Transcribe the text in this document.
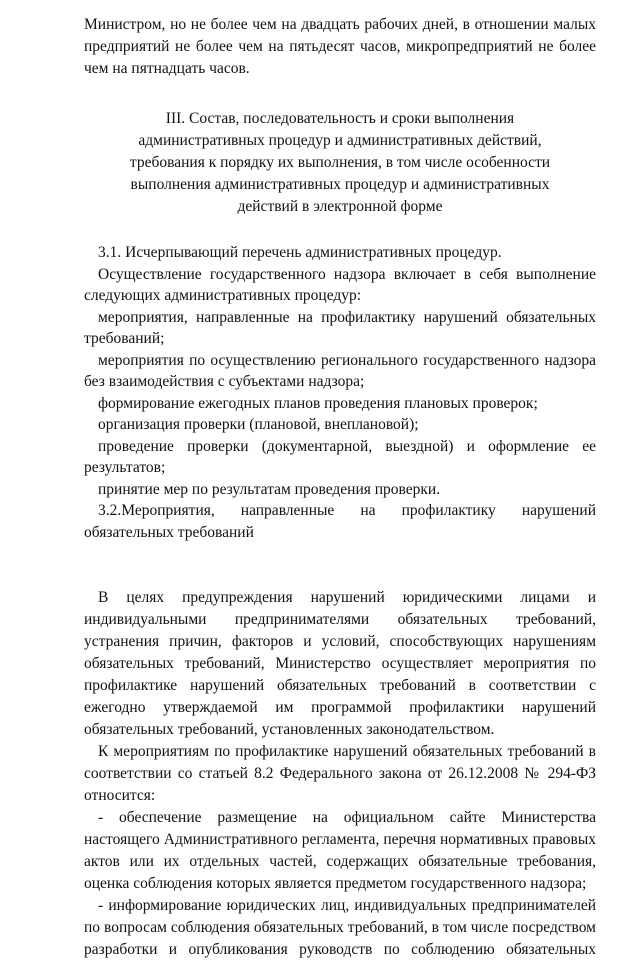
Министром, но не более чем на двадцать рабочих дней, в отношении малых предприятий не более чем на пятьдесят часов, микропредприятий не более чем на пятнадцать часов.

III. Состав, последовательность и сроки выполнения
административных процедур и административных действий,
требования к порядку их выполнения, в том числе особенности
выполнения административных процедур и административных
действий в электронной форме

3.1. Исчерпывающий перечень административных процедур.

Осуществление государственного надзора включает в себя выполнение следующих административных процедур:

мероприятия, направленные на профилактику нарушений обязательных требований;

мероприятия по осуществлению регионального государственного надзора без взаимодействия с субъектами надзора;

формирование ежегодных планов проведения плановых проверок;

организация проверки (плановой, внеплановой);

проведение проверки (документарной, выездной) и оформление ее результатов;

принятие мер по результатам проведения проверки.

3.2.Мероприятия, направленные на профилактику нарушений обязательных требований

В целях предупреждения нарушений юридическими лицами и индивидуальными предпринимателями обязательных требований, устранения причин, факторов и условий, способствующих нарушениям обязательных требований, Министерство осуществляет мероприятия по профилактике нарушений обязательных требований в соответствии с ежегодно утверждаемой им программой профилактики нарушений обязательных требований, установленных законодательством.

К мероприятиям по профилактике нарушений обязательных требований в соответствии со статьей 8.2 Федерального закона от 26.12.2008 № 294-ФЗ относится:

- обеспечение размещение на официальном сайте Министерства настоящего Административного регламента, перечня нормативных правовых актов или их отдельных частей, содержащих обязательные требования, оценка соблюдения которых является предметом государственного надзора;

- информирование юридических лиц, индивидуальных предпринимателей по вопросам соблюдения обязательных требований, в том числе посредством разработки и опубликования руководств по соблюдению обязательных
